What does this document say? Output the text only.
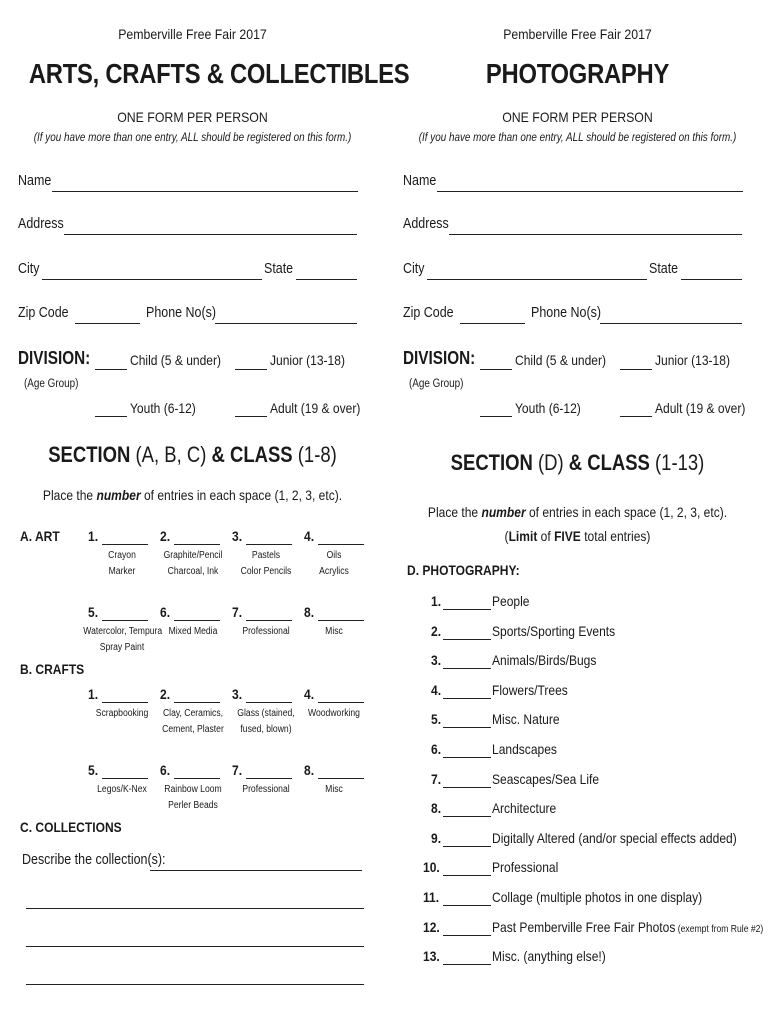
Pemberville Free Fair 2017
ARTS, CRAFTS & COLLECTIBLES
ONE FORM PER PERSON
(If you have more than one entry, ALL should be registered on this form.)
Name
Address
City	State
Zip Code	Phone No(s)
DIVISION:
(Age Group)
Child (5 & under)	Junior (13-18)
Youth (6-12)	Adult (19 & over)
SECTION (A, B, C) & CLASS (1-8)
Place the number of entries in each space (1, 2, 3, etc).
A. ART 1.
Crayon
Marker
2.
Graphite/Pencil
Charcoal, Ink
3.
Pastels
Color Pencils
4.
Oils
Acrylics
5.
Watercolor, Tempura
Spray Paint
6.
Mixed Media
7.
Professional
8.
Misc
B. CRAFTS
1.
Scrapbooking
2.
Clay, Ceramics,
Cement, Plaster
3.
Glass (stained,
fused, blown)
4.
Woodworking
5.
Legos/K-Nex
6.
Rainbow Loom
Perler Beads
7.
Professional
8.
Misc
C. COLLECTIONS
Describe the collection(s):
Pemberville Free Fair 2017
PHOTOGRAPHY
ONE FORM PER PERSON
(If you have more than one entry, ALL should be registered on this form.)
Name
Address
City	State
Zip Code	Phone No(s)
DIVISION:
(Age Group)
Child (5 & under)	Junior (13-18)
Youth (6-12)	Adult (19 & over)
SECTION (D) & CLASS (1-13)
Place the number of entries in each space (1, 2, 3, etc).
(Limit of FIVE total entries)
D. PHOTOGRAPHY:
1.	People
2.	Sports/Sporting Events
3.	Animals/Birds/Bugs
4.	Flowers/Trees
5.	Misc. Nature
6.	Landscapes
7.	Seascapes/Sea Life
8.	Architecture
9.	Digitally Altered (and/or special effects added)
10.	Professional
11.	Collage (multiple photos in one display)
12.	Past Pemberville Free Fair Photos (exempt from Rule #2)
13.	Misc. (anything else!)
